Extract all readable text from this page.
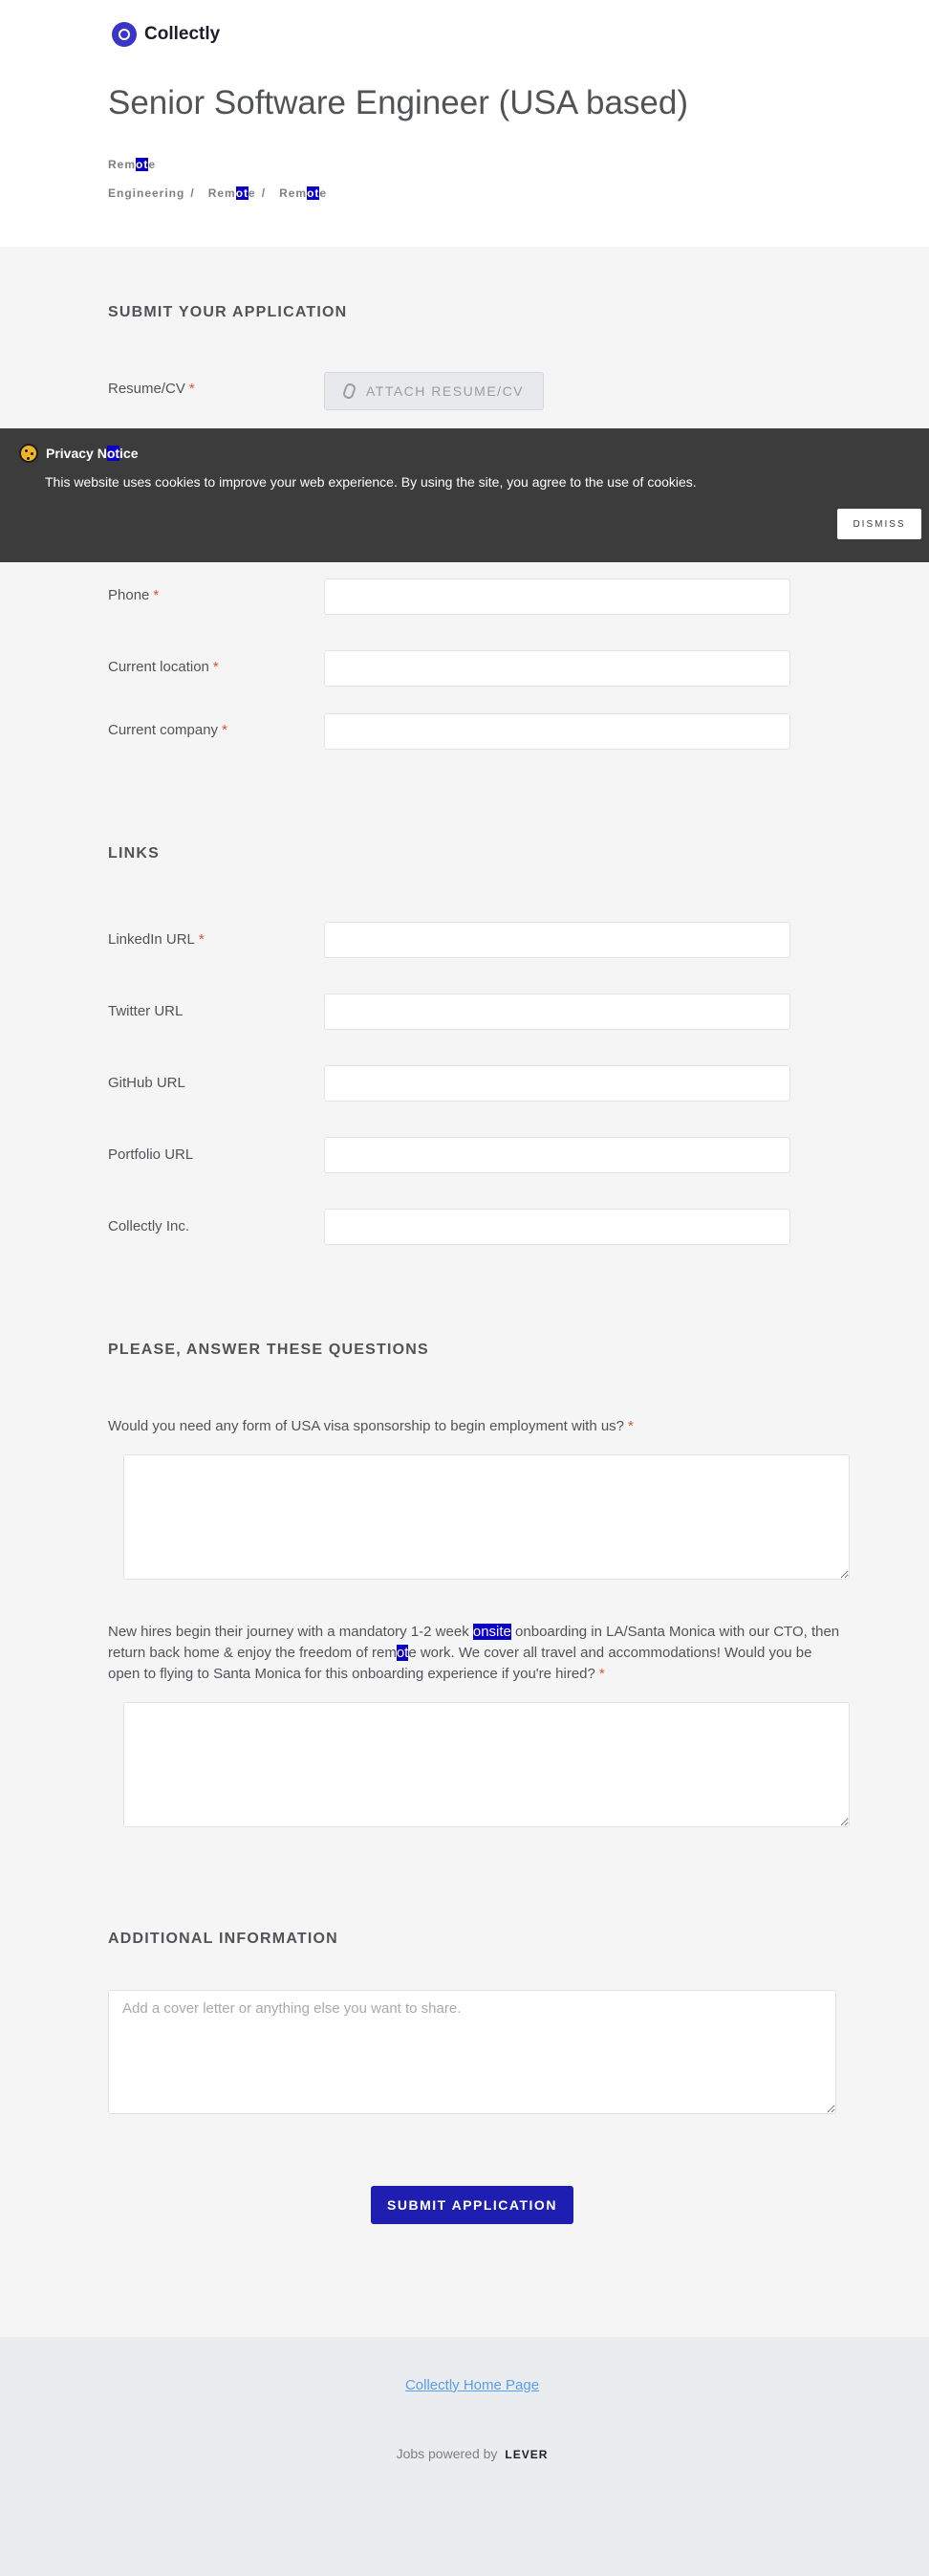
Collectly
Senior Software Engineer (USA based)
Remote
Engineering / Remote / Remote
SUBMIT YOUR APPLICATION
Resume/CV *	ATTACH RESUME/CV
Phone *
Current location *
Current company *
LINKS
LinkedIn URL *
Twitter URL
GitHub URL
Portfolio URL
Collectly Inc.
PLEASE, ANSWER THESE QUESTIONS
Would you need any form of USA visa sponsorship to begin employment with us? *
New hires begin their journey with a mandatory 1-2 week onsite onboarding in LA/Santa Monica with our CTO, then return back home & enjoy the freedom of remote work. We cover all travel and accommodations! Would you be open to flying to Santa Monica for this onboarding experience if you're hired? *
ADDITIONAL INFORMATION
Add a cover letter or anything else you want to share.
SUBMIT APPLICATION
Privacy Notice
This website uses cookies to improve your web experience. By using the site, you agree to the use of cookies.
DISMISS
Collectly Home Page
Jobs powered by LEVER
